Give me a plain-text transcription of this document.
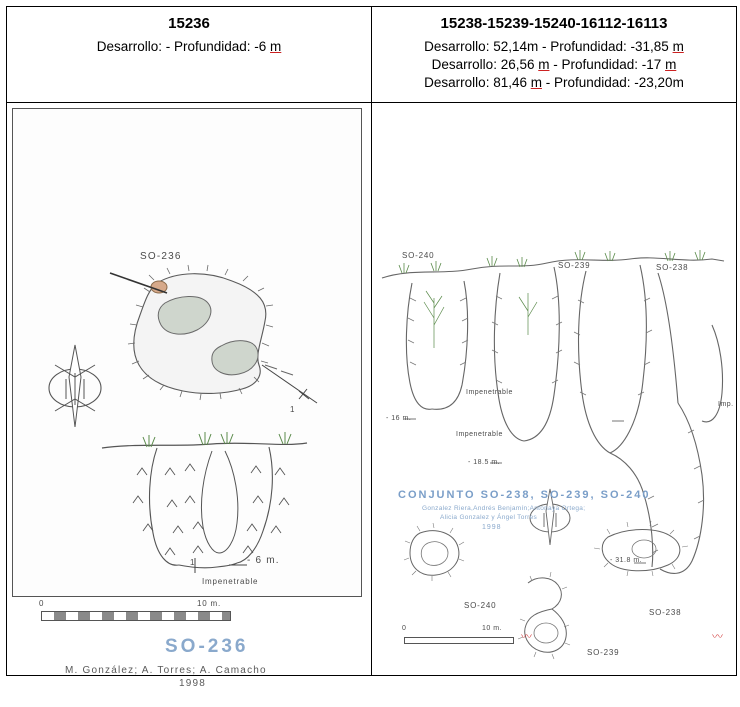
15236
Desarrollo: - Profundidad: -6 m

15238-15239-15240-16112-16113
Desarrollo: 52,14m - Profundidad: -31,85 m
Desarrollo: 26,56 m - Profundidad: -17 m
Desarrollo: 81,46 m - Profundidad: -23,20m

SO-236
1
1
- 6 m.
Impenetrable
0	10 m.
SO-236
M. González; A. Torres; A. Camacho
1998

SO-240
SO-239	SO-238
Impenetrable
Impenetrable
Imp.
- 16 m.
- 18.5 m.
- 31.8 m.
CONJUNTO SO-238, SO-239, SO-240
Gonzalez Riera,Andrés Benjamín;Antonaya Ortega;
Alicia Gonzalez y Ángel Torres
1998
SO-240
SO-238
SO-239
0	10 m.
〰	〰
